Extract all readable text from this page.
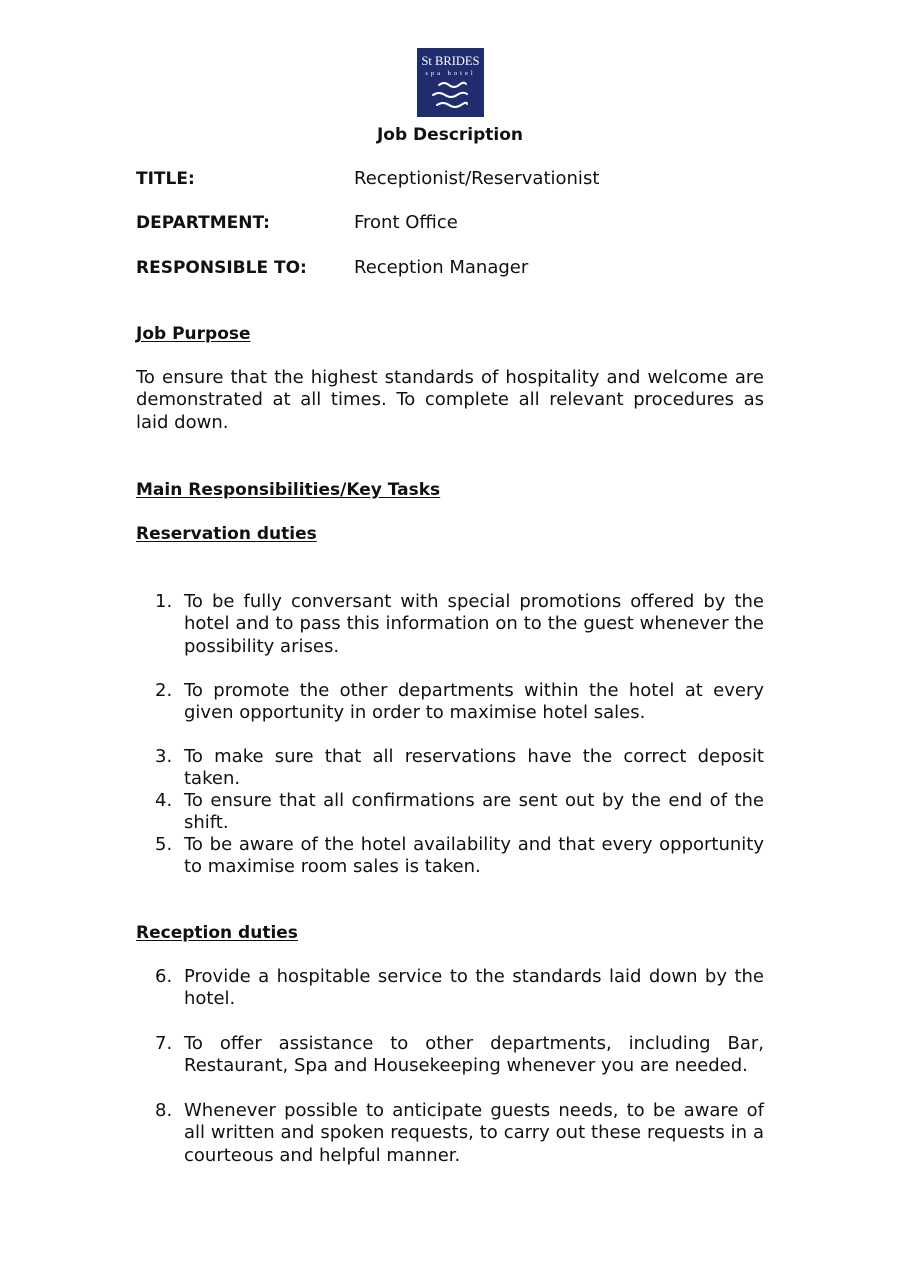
St BRIDES
spa hotel
Job Description
TITLE:	Receptionist/Reservationist
DEPARTMENT:	Front Office
RESPONSIBLE TO:	Reception Manager
Job Purpose
To ensure that the highest standards of hospitality and welcome are demonstrated at all times. To complete all relevant procedures as laid down.
Main Responsibilities/Key Tasks
Reservation duties
1. To be fully conversant with special promotions offered by the hotel and to pass this information on to the guest whenever the possibility arises.
2. To promote the other departments within the hotel at every given opportunity in order to maximise hotel sales.
3. To make sure that all reservations have the correct deposit taken.
4. To ensure that all confirmations are sent out by the end of the shift.
5. To be aware of the hotel availability and that every opportunity to maximise room sales is taken.
Reception duties
6. Provide a hospitable service to the standards laid down by the hotel.
7. To offer assistance to other departments, including Bar, Restaurant, Spa and Housekeeping whenever you are needed.
8. Whenever possible to anticipate guests needs, to be aware of all written and spoken requests, to carry out these requests in a courteous and helpful manner.
